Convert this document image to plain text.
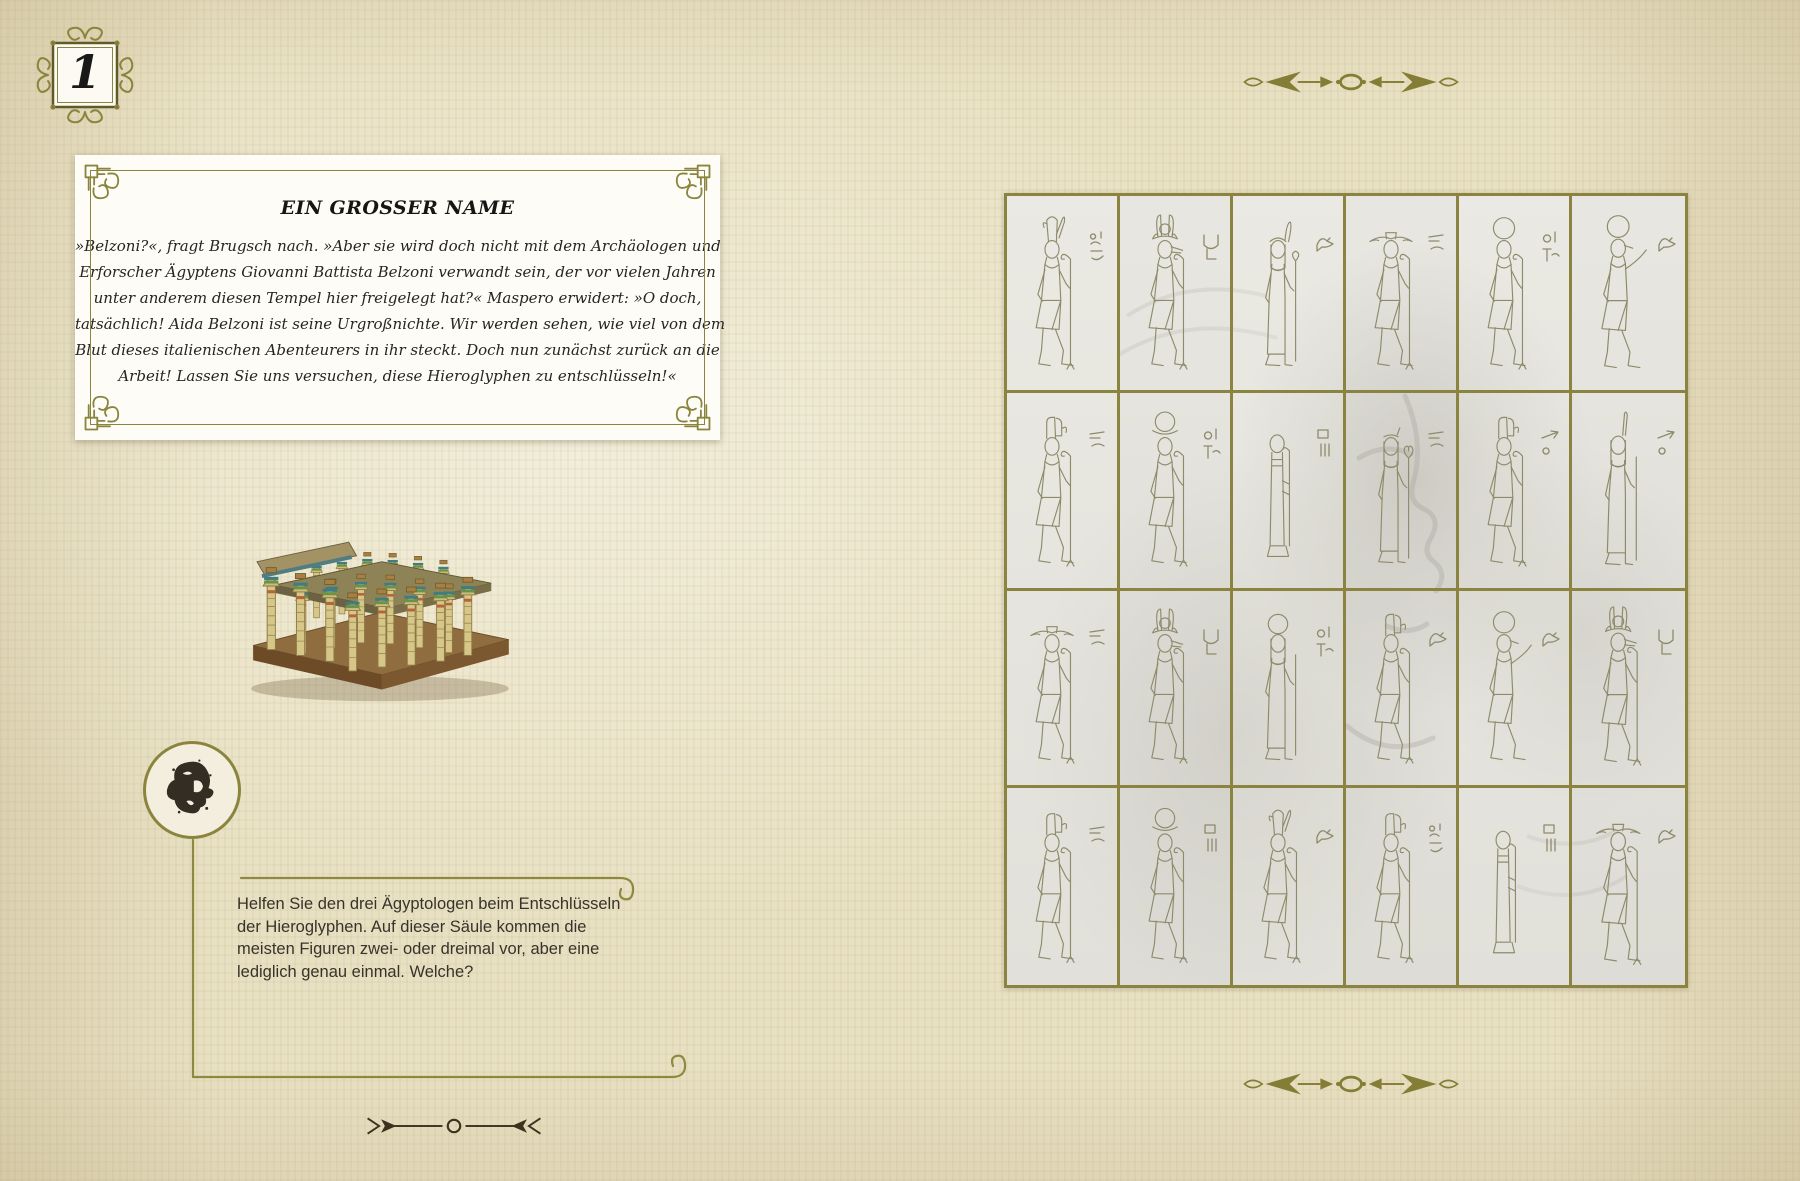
1
EIN GROSSER NAME
»Belzoni?«, fragt Brugsch nach. »Aber sie wird doch nicht mit dem Archäologen und
Erforscher Ägyptens Giovanni Battista Belzoni verwandt sein, der vor vielen Jahren
unter anderem diesen Tempel hier freigelegt hat?« Maspero erwidert: »O doch,
tatsächlich! Aida Belzoni ist seine Urgroßnichte. Wir werden sehen, wie viel von dem
Blut dieses italienischen Abenteurers in ihr steckt. Doch nun zunächst zurück an die
Arbeit! Lassen Sie uns versuchen, diese Hieroglyphen zu entschlüsseln!«
Helfen Sie den drei Ägyptologen beim Entschlüsseln
der Hieroglyphen. Auf dieser Säule kommen die
meisten Figuren zwei- oder dreimal vor, aber eine
lediglich genau einmal. Welche?
